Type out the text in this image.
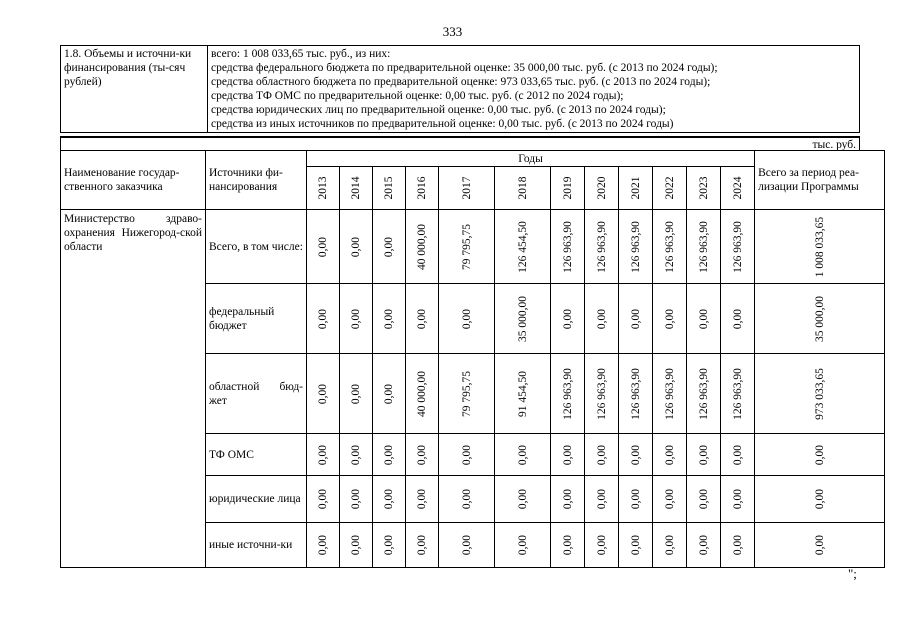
333
1.8. Объемы и источни-ки финансирования (ты-сяч рублей)	
всего: 1 008 033,65 тыс. руб., из них:
средства федерального бюджета по предварительной оценке: 35 000,00 тыс. руб. (с 2013 по 2024 годы);
средства областного бюджета по предварительной оценке: 973 033,65 тыс. руб. (с 2013 по 2024 годы);
средства ТФ ОМС по предварительной оценке: 0,00 тыс. руб. (с 2012 по 2024 годы);
средства юридических лиц по предварительной оценке: 0,00 тыс. руб. (с 2013 по 2024 годы);
средства из иных источников по предварительной оценке: 0,00 тыс. руб. (с 2013 по 2024 годы)
тыс. руб.
Наименование государ-ственного заказчика	Источники фи-нансирования	Годы												Всего за период реа-лизации Программы

		2013	2014	2015	2016	2017	2018	2019	2020	2021	2022	2023	2024	

Министерство здраво-охранения Нижегород-ской области	Всего, в том числе:	0,00	0,00	0,00	40 000,00	79 795,75	126 454,50	126 963,90	126 963,90	126 963,90	126 963,90	126 963,90	126 963,90	1 008 033,65

	федеральный бюджет	0,00	0,00	0,00	0,00	0,00	35 000,00	0,00	0,00	0,00	0,00	0,00	0,00	35 000,00

	областной бюд-жет	0,00	0,00	0,00	40 000,00	79 795,75	91 454,50	126 963,90	126 963,90	126 963,90	126 963,90	126 963,90	126 963,90	973 033,65

	ТФ ОМС	0,00	0,00	0,00	0,00	0,00	0,00	0,00	0,00	0,00	0,00	0,00	0,00	0,00

	юридические лица	0,00	0,00	0,00	0,00	0,00	0,00	0,00	0,00	0,00	0,00	0,00	0,00	0,00

	иные источни-ки	0,00	0,00	0,00	0,00	0,00	0,00	0,00	0,00	0,00	0,00	0,00	0,00	0,00
";
